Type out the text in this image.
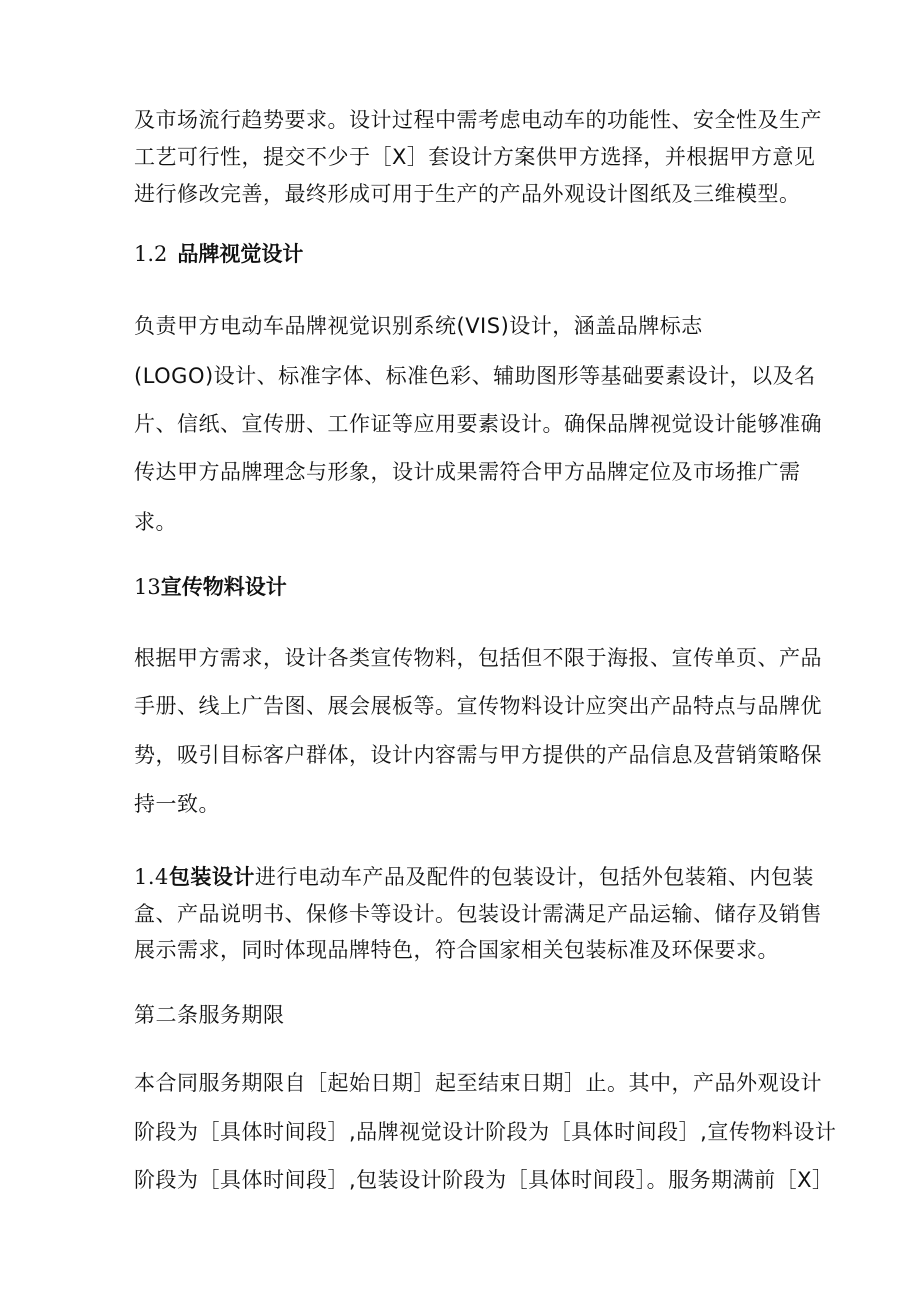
及市场流行趋势要求。设计过程中需考虑电动车的功能性、安全性及生产
工艺可行性，提交不少于［X］套设计方案供甲方选择，并根据甲方意见
进行修改完善，最终形成可用于生产的产品外观设计图纸及三维模型。
1.2 品牌视觉设计
负责甲方电动车品牌视觉识别系统(VIS)设计，涵盖品牌标志
(LOGO)设计、标准字体、标准色彩、辅助图形等基础要素设计，以及名
片、信纸、宣传册、工作证等应用要素设计。确保品牌视觉设计能够准确
传达甲方品牌理念与形象，设计成果需符合甲方品牌定位及市场推广需
求。
13宣传物料设计
根据甲方需求，设计各类宣传物料，包括但不限于海报、宣传单页、产品
手册、线上广告图、展会展板等。宣传物料设计应突出产品特点与品牌优
势，吸引目标客户群体，设计内容需与甲方提供的产品信息及营销策略保
持一致。
1.4包装设计进行电动车产品及配件的包装设计，包括外包装箱、内包装
盒、产品说明书、保修卡等设计。包装设计需满足产品运输、储存及销售
展示需求，同时体现品牌特色，符合国家相关包装标准及环保要求。
第二条服务期限
本合同服务期限自［起始日期］起至结束日期］止。其中，产品外观设计
阶段为［具体时间段］,品牌视觉设计阶段为［具体时间段］,宣传物料设计
阶段为［具体时间段］,包装设计阶段为［具体时间段］。服务期满前［X］
